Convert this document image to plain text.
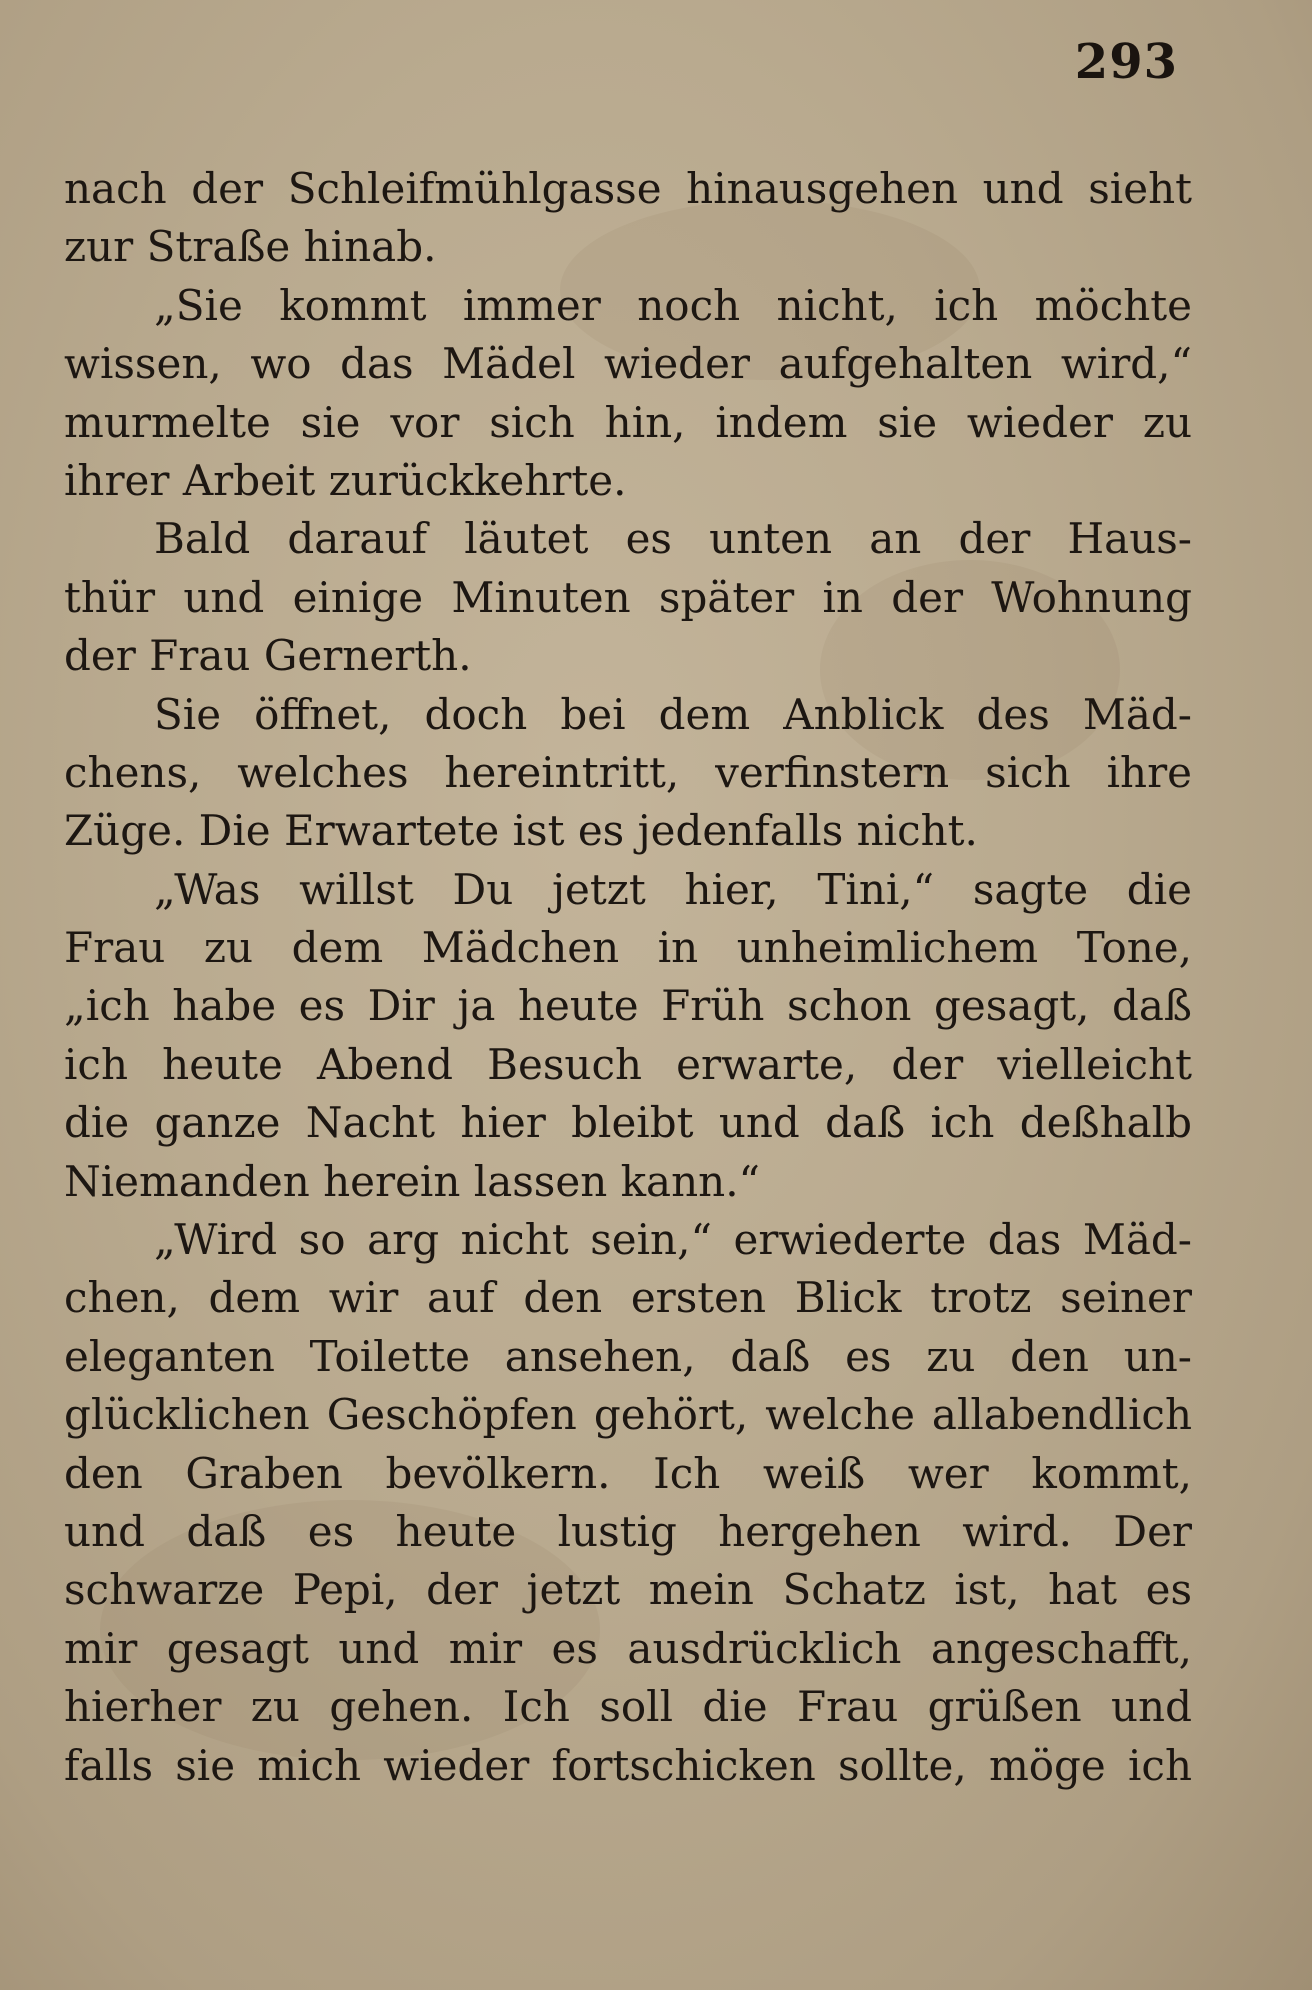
293
nach der Schleifmühlgasse hinausgehen und sieht
zur Straße hinab.
„Sie kommt immer noch nicht, ich möchte
wissen, wo das Mädel wieder aufgehalten wird,“
murmelte sie vor sich hin, indem sie wieder zu
ihrer Arbeit zurückkehrte.
Bald darauf läutet es unten an der Haus-
thür und einige Minuten später in der Wohnung
der Frau Gernerth.
Sie öffnet, doch bei dem Anblick des Mäd-
chens, welches hereintritt, verfinstern sich ihre
Züge. Die Erwartete ist es jedenfalls nicht.
„Was willst Du jetzt hier, Tini,“ sagte die
Frau zu dem Mädchen in unheimlichem Tone,
„ich habe es Dir ja heute Früh schon gesagt, daß
ich heute Abend Besuch erwarte, der vielleicht
die ganze Nacht hier bleibt und daß ich deßhalb
Niemanden herein lassen kann.“
„Wird so arg nicht sein,“ erwiederte das Mäd-
chen, dem wir auf den ersten Blick trotz seiner
eleganten Toilette ansehen, daß es zu den un-
glücklichen Geschöpfen gehört, welche allabendlich
den Graben bevölkern. Ich weiß wer kommt,
und daß es heute lustig hergehen wird. Der
schwarze Pepi, der jetzt mein Schatz ist, hat es
mir gesagt und mir es ausdrücklich angeschafft,
hierher zu gehen. Ich soll die Frau grüßen und
falls sie mich wieder fortschicken sollte, möge ich
